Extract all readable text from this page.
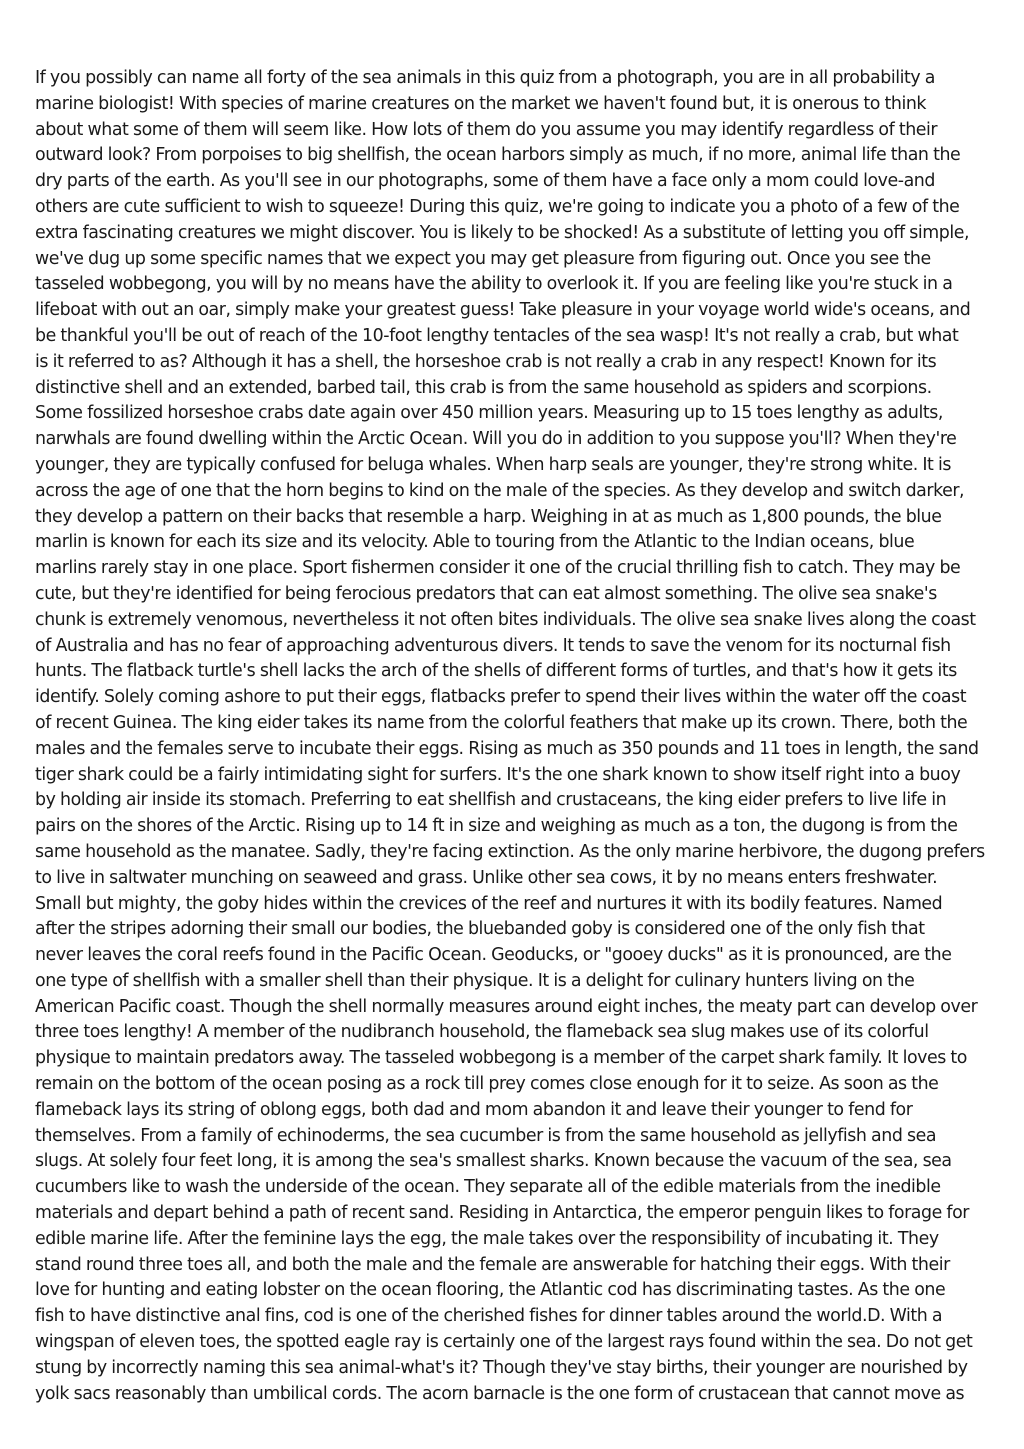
If you possibly can name all forty of the sea animals in this quiz from a photograph, you are in all probability a
marine biologist! With species of marine creatures on the market we haven't found but, it is onerous to think
about what some of them will seem like. How lots of them do you assume you may identify regardless of their
outward look? From porpoises to big shellfish, the ocean harbors simply as much, if no more, animal life than the
dry parts of the earth. As you'll see in our photographs, some of them have a face only a mom could love-and
others are cute sufficient to wish to squeeze! During this quiz, we're going to indicate you a photo of a few of the
extra fascinating creatures we might discover. You is likely to be shocked! As a substitute of letting you off simple,
we've dug up some specific names that we expect you may get pleasure from figuring out. Once you see the
tasseled wobbegong, you will by no means have the ability to overlook it. If you are feeling like you're stuck in a
lifeboat with out an oar, simply make your greatest guess! Take pleasure in your voyage world wide's oceans, and
be thankful you'll be out of reach of the 10-foot lengthy tentacles of the sea wasp! It's not really a crab, but what
is it referred to as? Although it has a shell, the horseshoe crab is not really a crab in any respect! Known for its
distinctive shell and an extended, barbed tail, this crab is from the same household as spiders and scorpions.
Some fossilized horseshoe crabs date again over 450 million years. Measuring up to 15 toes lengthy as adults,
narwhals are found dwelling within the Arctic Ocean. Will you do in addition to you suppose you'll? When they're
younger, they are typically confused for beluga whales. When harp seals are younger, they're strong white. It is
across the age of one that the horn begins to kind on the male of the species. As they develop and switch darker,
they develop a pattern on their backs that resemble a harp. Weighing in at as much as 1,800 pounds, the blue
marlin is known for each its size and its velocity. Able to touring from the Atlantic to the Indian oceans, blue
marlins rarely stay in one place. Sport fishermen consider it one of the crucial thrilling fish to catch. They may be
cute, but they're identified for being ferocious predators that can eat almost something. The olive sea snake's
chunk is extremely venomous, nevertheless it not often bites individuals. The olive sea snake lives along the coast
of Australia and has no fear of approaching adventurous divers. It tends to save the venom for its nocturnal fish
hunts. The flatback turtle's shell lacks the arch of the shells of different forms of turtles, and that's how it gets its
identify. Solely coming ashore to put their eggs, flatbacks prefer to spend their lives within the water off the coast
of recent Guinea. The king eider takes its name from the colorful feathers that make up its crown. There, both the
males and the females serve to incubate their eggs. Rising as much as 350 pounds and 11 toes in length, the sand
tiger shark could be a fairly intimidating sight for surfers. It's the one shark known to show itself right into a buoy
by holding air inside its stomach. Preferring to eat shellfish and crustaceans, the king eider prefers to live life in
pairs on the shores of the Arctic. Rising up to 14 ft in size and weighing as much as a ton, the dugong is from the
same household as the manatee. Sadly, they're facing extinction. As the only marine herbivore, the dugong prefers
to live in saltwater munching on seaweed and grass. Unlike other sea cows, it by no means enters freshwater.
Small but mighty, the goby hides within the crevices of the reef and nurtures it with its bodily features. Named
after the stripes adorning their small our bodies, the bluebanded goby is considered one of the only fish that
never leaves the coral reefs found in the Pacific Ocean. Geoducks, or "gooey ducks" as it is pronounced, are the
one type of shellfish with a smaller shell than their physique. It is a delight for culinary hunters living on the
American Pacific coast. Though the shell normally measures around eight inches, the meaty part can develop over
three toes lengthy! A member of the nudibranch household, the flameback sea slug makes use of its colorful
physique to maintain predators away. The tasseled wobbegong is a member of the carpet shark family. It loves to
remain on the bottom of the ocean posing as a rock till prey comes close enough for it to seize. As soon as the
flameback lays its string of oblong eggs, both dad and mom abandon it and leave their younger to fend for
themselves. From a family of echinoderms, the sea cucumber is from the same household as jellyfish and sea
slugs. At solely four feet long, it is among the sea's smallest sharks. Known because the vacuum of the sea, sea
cucumbers like to wash the underside of the ocean. They separate all of the edible materials from the inedible
materials and depart behind a path of recent sand. Residing in Antarctica, the emperor penguin likes to forage for
edible marine life. After the feminine lays the egg, the male takes over the responsibility of incubating it. They
stand round three toes all, and both the male and the female are answerable for hatching their eggs. With their
love for hunting and eating lobster on the ocean flooring, the Atlantic cod has discriminating tastes. As the one
fish to have distinctive anal fins, cod is one of the cherished fishes for dinner tables around the world.D. With a
wingspan of eleven toes, the spotted eagle ray is certainly one of the largest rays found within the sea. Do not get
stung by incorrectly naming this sea animal-what's it? Though they've stay births, their younger are nourished by
yolk sacs reasonably than umbilical cords. The acorn barnacle is the one form of crustacean that cannot move as
